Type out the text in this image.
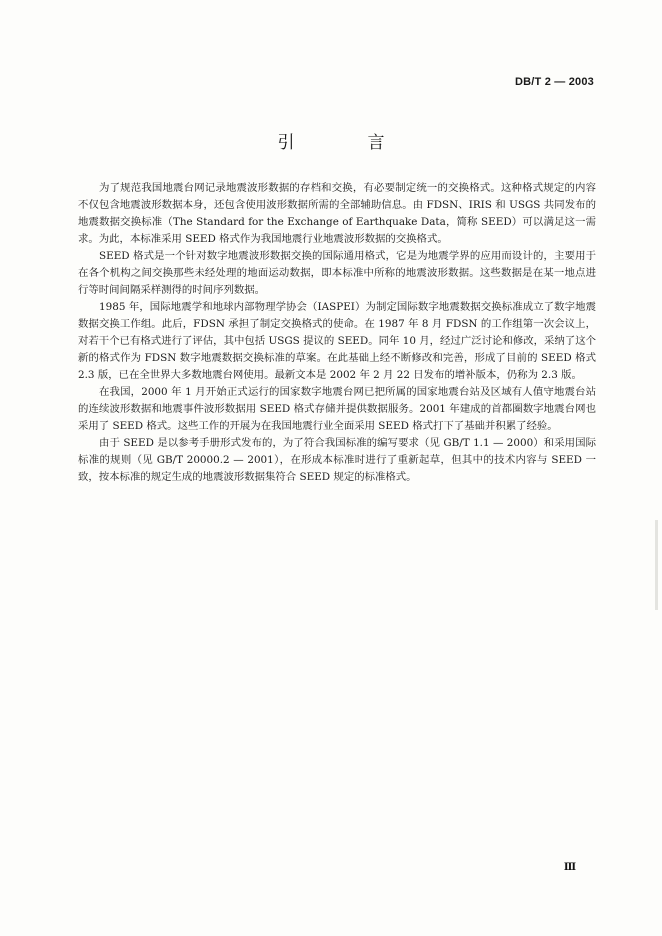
DB/T 2 — 2003
引　言

为了规范我国地震台网记录地震波形数据的存档和交换，有必要制定统一的交换格式。这种格式规定的内容不仅包含地震波形数据本身，还包含使用波形数据所需的全部辅助信息。由 FDSN、IRIS 和 USGS 共同发布的地震数据交换标准（The Standard for the Exchange of Earthquake Data，简称 SEED）可以满足这一需求。为此，本标准采用 SEED 格式作为我国地震行业地震波形数据的交换格式。

SEED 格式是一个针对数字地震波形数据交换的国际通用格式，它是为地震学界的应用而设计的，主要用于在各个机构之间交换那些未经处理的地面运动数据，即本标准中所称的地震波形数据。这些数据是在某一地点进行等时间间隔采样测得的时间序列数据。

1985 年，国际地震学和地球内部物理学协会（IASPEI）为制定国际数字地震数据交换标准成立了数字地震数据交换工作组。此后，FDSN 承担了制定交换格式的使命。在 1987 年 8 月 FDSN 的工作组第一次会议上，对若干个已有格式进行了评估，其中包括 USGS 提议的 SEED。同年 10 月，经过广泛讨论和修改，采纳了这个新的格式作为 FDSN 数字地震数据交换标准的草案。在此基础上经不断修改和完善，形成了目前的 SEED 格式 2.3 版，已在全世界大多数地震台网使用。最新文本是 2002 年 2 月 22 日发布的增补版本，仍称为 2.3 版。

在我国，2000 年 1 月开始正式运行的国家数字地震台网已把所属的国家地震台站及区域有人值守地震台站的连续波形数据和地震事件波形数据用 SEED 格式存储并提供数据服务。2001 年建成的首都圈数字地震台网也采用了 SEED 格式。这些工作的开展为在我国地震行业全面采用 SEED 格式打下了基础并积累了经验。

由于 SEED 是以参考手册形式发布的，为了符合我国标准的编写要求（见 GB/T 1.1 — 2000）和采用国际标准的规则（见 GB/T 20000.2 — 2001），在形成本标准时进行了重新起草，但其中的技术内容与 SEED 一致，按本标准的规定生成的地震波形数据集符合 SEED 规定的标准格式。

Ⅲ
